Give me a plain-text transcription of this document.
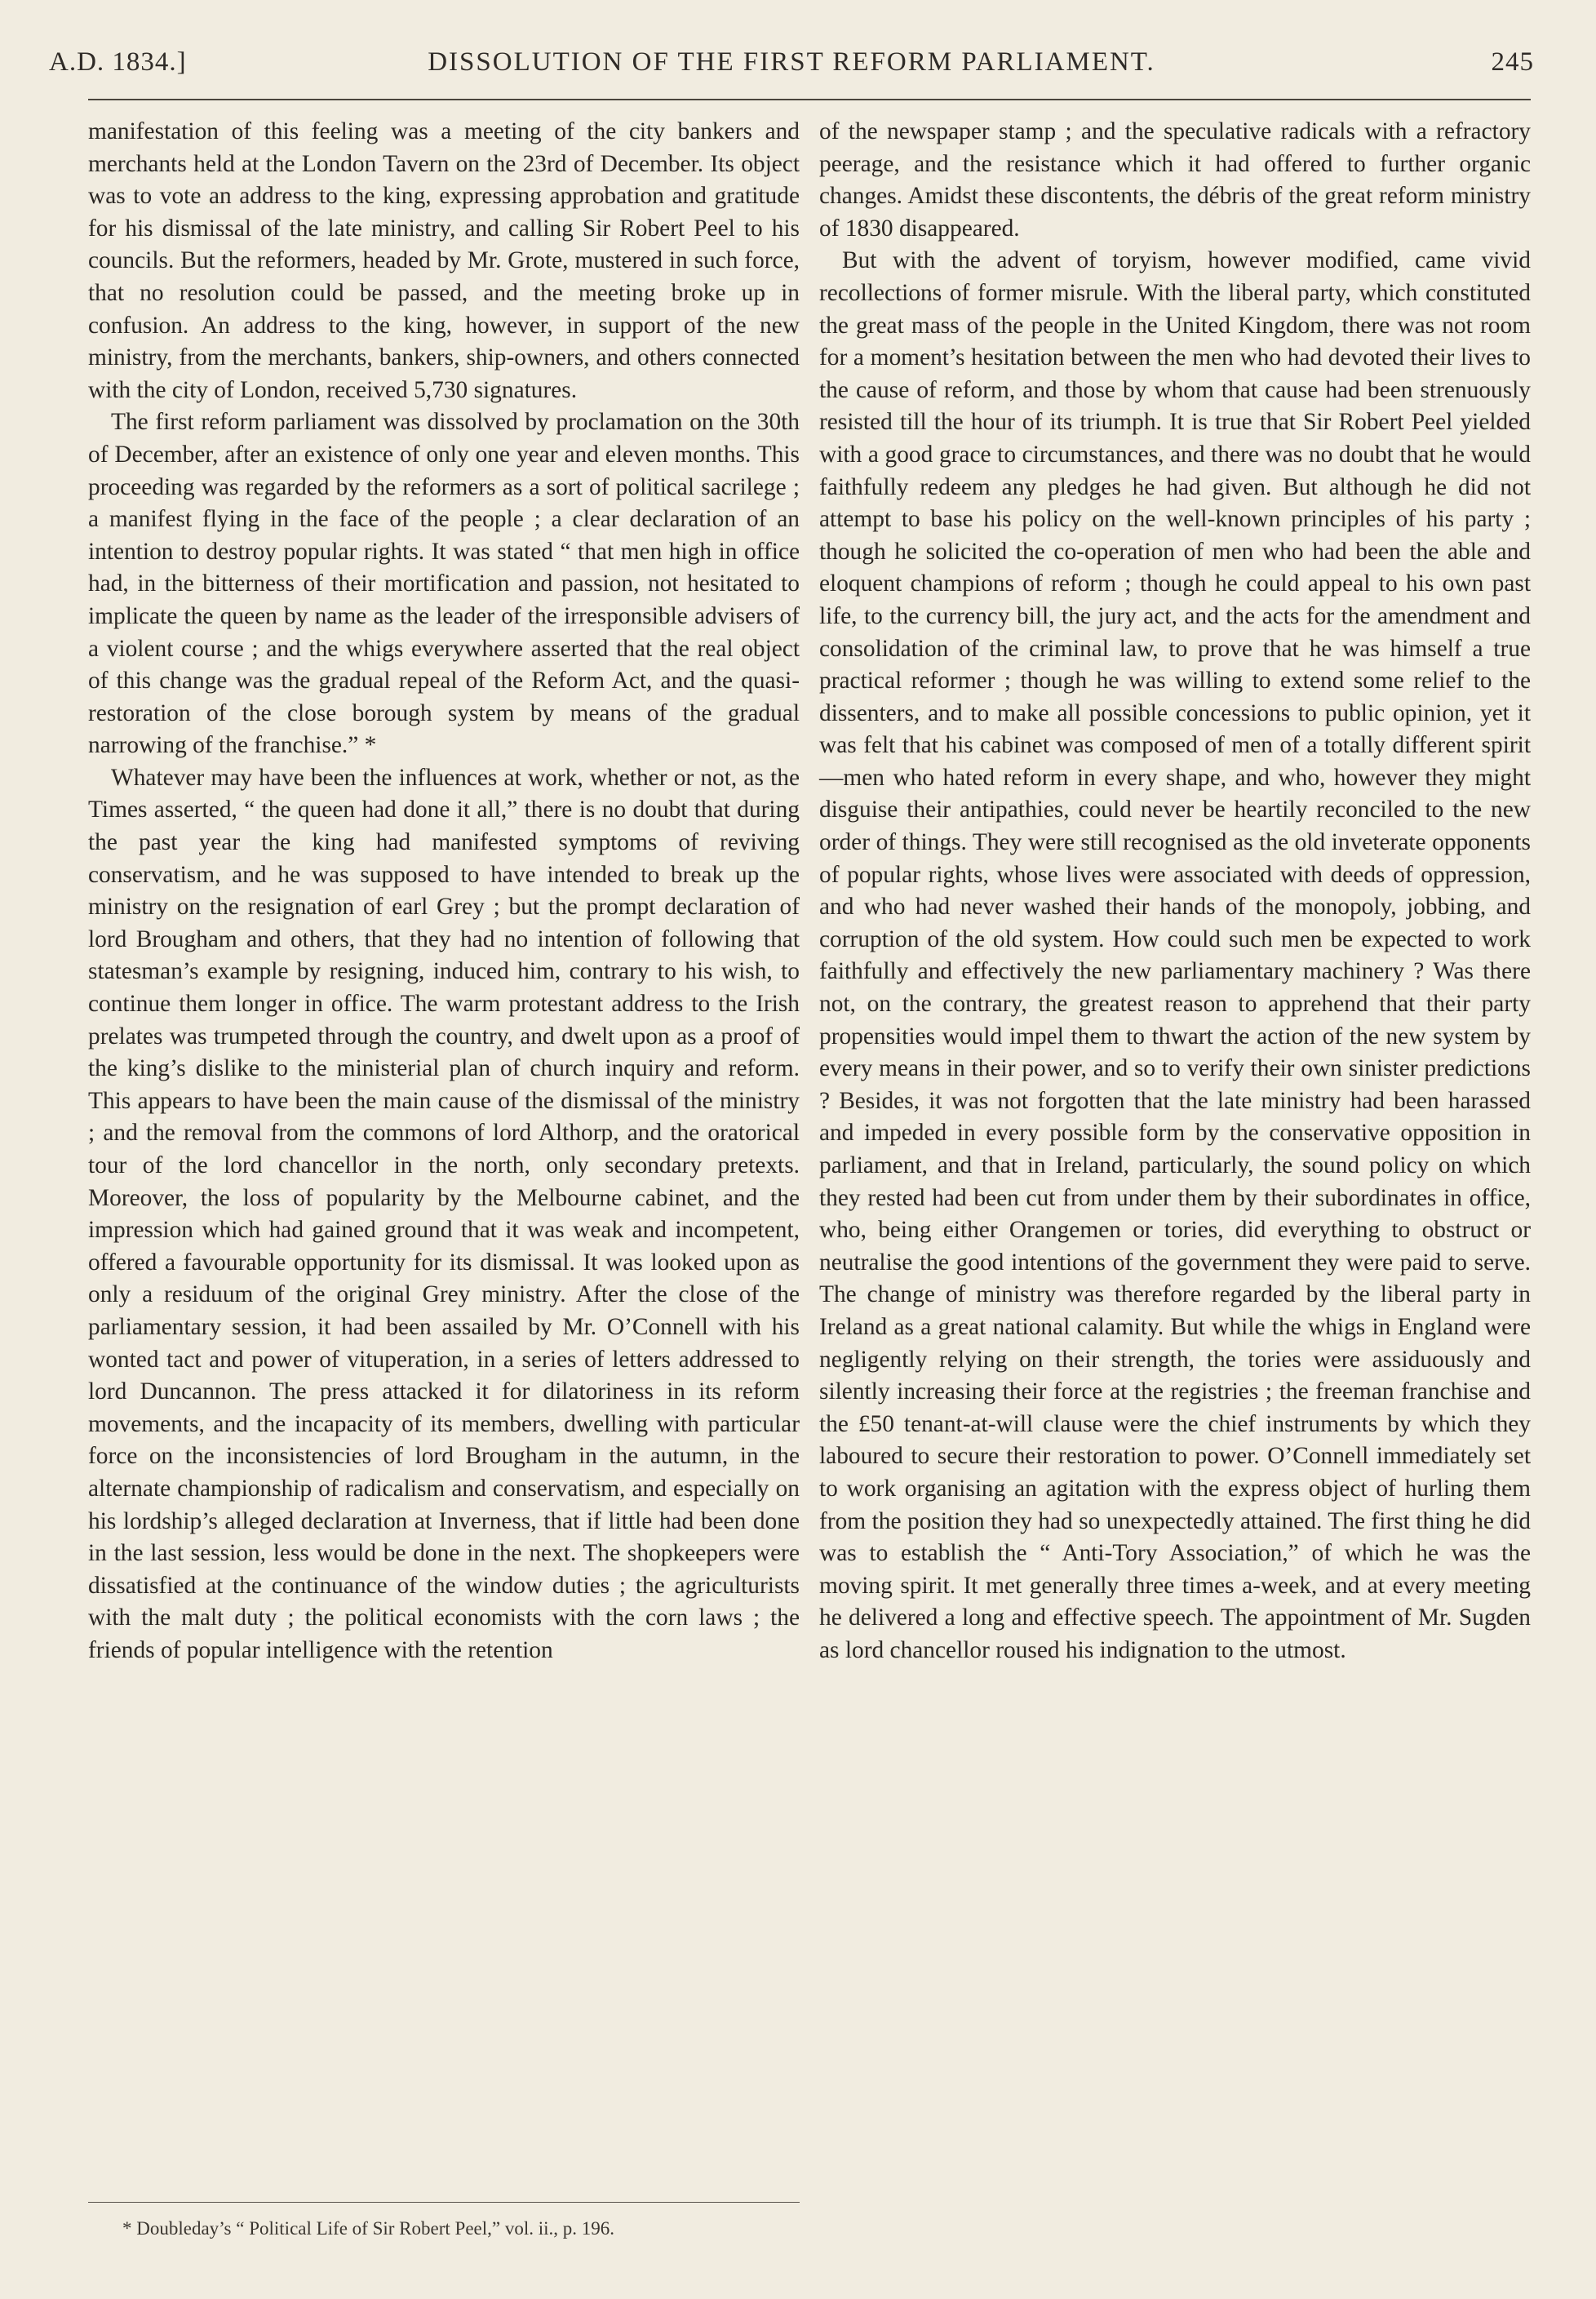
A.D. 1834.]	DISSOLUTION OF THE FIRST REFORM PARLIAMENT.	245

manifestation of this feeling was a meeting of the city bankers and merchants held at the London Tavern on the 23rd of December. Its object was to vote an address to the king, expressing approbation and gratitude for his dismissal of the late ministry, and calling Sir Robert Peel to his councils. But the reformers, headed by Mr. Grote, mustered in such force, that no resolution could be passed, and the meeting broke up in confusion. An address to the king, however, in support of the new ministry, from the merchants, bankers, ship-owners, and others connected with the city of London, received 5,730 signatures.

The first reform parliament was dissolved by proclamation on the 30th of December, after an existence of only one year and eleven months. This proceeding was regarded by the reformers as a sort of political sacrilege ; a manifest flying in the face of the people ; a clear declaration of an intention to destroy popular rights. It was stated “ that men high in office had, in the bitterness of their mortification and passion, not hesitated to implicate the queen by name as the leader of the irresponsible advisers of a violent course ; and the whigs everywhere asserted that the real object of this change was the gradual repeal of the Reform Act, and the quasi-restoration of the close borough system by means of the gradual narrowing of the franchise.” *

Whatever may have been the influences at work, whether or not, as the Times asserted, “ the queen had done it all,” there is no doubt that during the past year the king had manifested symptoms of reviving conservatism, and he was supposed to have intended to break up the ministry on the resignation of earl Grey ; but the prompt declaration of lord Brougham and others, that they had no intention of following that statesman’s example by resigning, induced him, contrary to his wish, to continue them longer in office. The warm protestant address to the Irish prelates was trumpeted through the country, and dwelt upon as a proof of the king’s dislike to the ministerial plan of church inquiry and reform. This appears to have been the main cause of the dismissal of the ministry ; and the removal from the commons of lord Althorp, and the oratorical tour of the lord chancellor in the north, only secondary pretexts. Moreover, the loss of popularity by the Melbourne cabinet, and the impression which had gained ground that it was weak and incompetent, offered a favourable opportunity for its dismissal. It was looked upon as only a residuum of the original Grey ministry. After the close of the parliamentary session, it had been assailed by Mr. O’Connell with his wonted tact and power of vituperation, in a series of letters addressed to lord Duncannon. The press attacked it for dilatoriness in its reform movements, and the incapacity of its members, dwelling with particular force on the inconsistencies of lord Brougham in the autumn, in the alternate championship of radicalism and conservatism, and especially on his lordship’s alleged declaration at Inverness, that if little had been done in the last session, less would be done in the next. The shopkeepers were dissatisfied at the continuance of the window duties ; the agriculturists with the malt duty ; the political economists with the corn laws ; the friends of popular intelligence with the retention

of the newspaper stamp ; and the speculative radicals with a refractory peerage, and the resistance which it had offered to further organic changes. Amidst these discontents, the débris of the great reform ministry of 1830 disappeared.

But with the advent of toryism, however modified, came vivid recollections of former misrule. With the liberal party, which constituted the great mass of the people in the United Kingdom, there was not room for a moment’s hesitation between the men who had devoted their lives to the cause of reform, and those by whom that cause had been strenuously resisted till the hour of its triumph. It is true that Sir Robert Peel yielded with a good grace to circumstances, and there was no doubt that he would faithfully redeem any pledges he had given. But although he did not attempt to base his policy on the well-known principles of his party ; though he solicited the co-operation of men who had been the able and eloquent champions of reform ; though he could appeal to his own past life, to the currency bill, the jury act, and the acts for the amendment and consolidation of the criminal law, to prove that he was himself a true practical reformer ; though he was willing to extend some relief to the dissenters, and to make all possible concessions to public opinion, yet it was felt that his cabinet was composed of men of a totally different spirit—men who hated reform in every shape, and who, however they might disguise their antipathies, could never be heartily reconciled to the new order of things. They were still recognised as the old inveterate opponents of popular rights, whose lives were associated with deeds of oppression, and who had never washed their hands of the monopoly, jobbing, and corruption of the old system. How could such men be expected to work faithfully and effectively the new parliamentary machinery ? Was there not, on the contrary, the greatest reason to apprehend that their party propensities would impel them to thwart the action of the new system by every means in their power, and so to verify their own sinister predictions ? Besides, it was not forgotten that the late ministry had been harassed and impeded in every possible form by the conservative opposition in parliament, and that in Ireland, particularly, the sound policy on which they rested had been cut from under them by their subordinates in office, who, being either Orangemen or tories, did everything to obstruct or neutralise the good intentions of the government they were paid to serve. The change of ministry was therefore regarded by the liberal party in Ireland as a great national calamity. But while the whigs in England were negligently relying on their strength, the tories were assiduously and silently increasing their force at the registries ; the freeman franchise and the £50 tenant-at-will clause were the chief instruments by which they laboured to secure their restoration to power. O’Connell immediately set to work organising an agitation with the express object of hurling them from the position they had so unexpectedly attained. The first thing he did was to establish the “ Anti-Tory Association,” of which he was the moving spirit. It met generally three times a-week, and at every meeting he delivered a long and effective speech. The appointment of Mr. Sugden as lord chancellor roused his indignation to the utmost.

* Doubleday’s “ Political Life of Sir Robert Peel,” vol. ii., p. 196.
